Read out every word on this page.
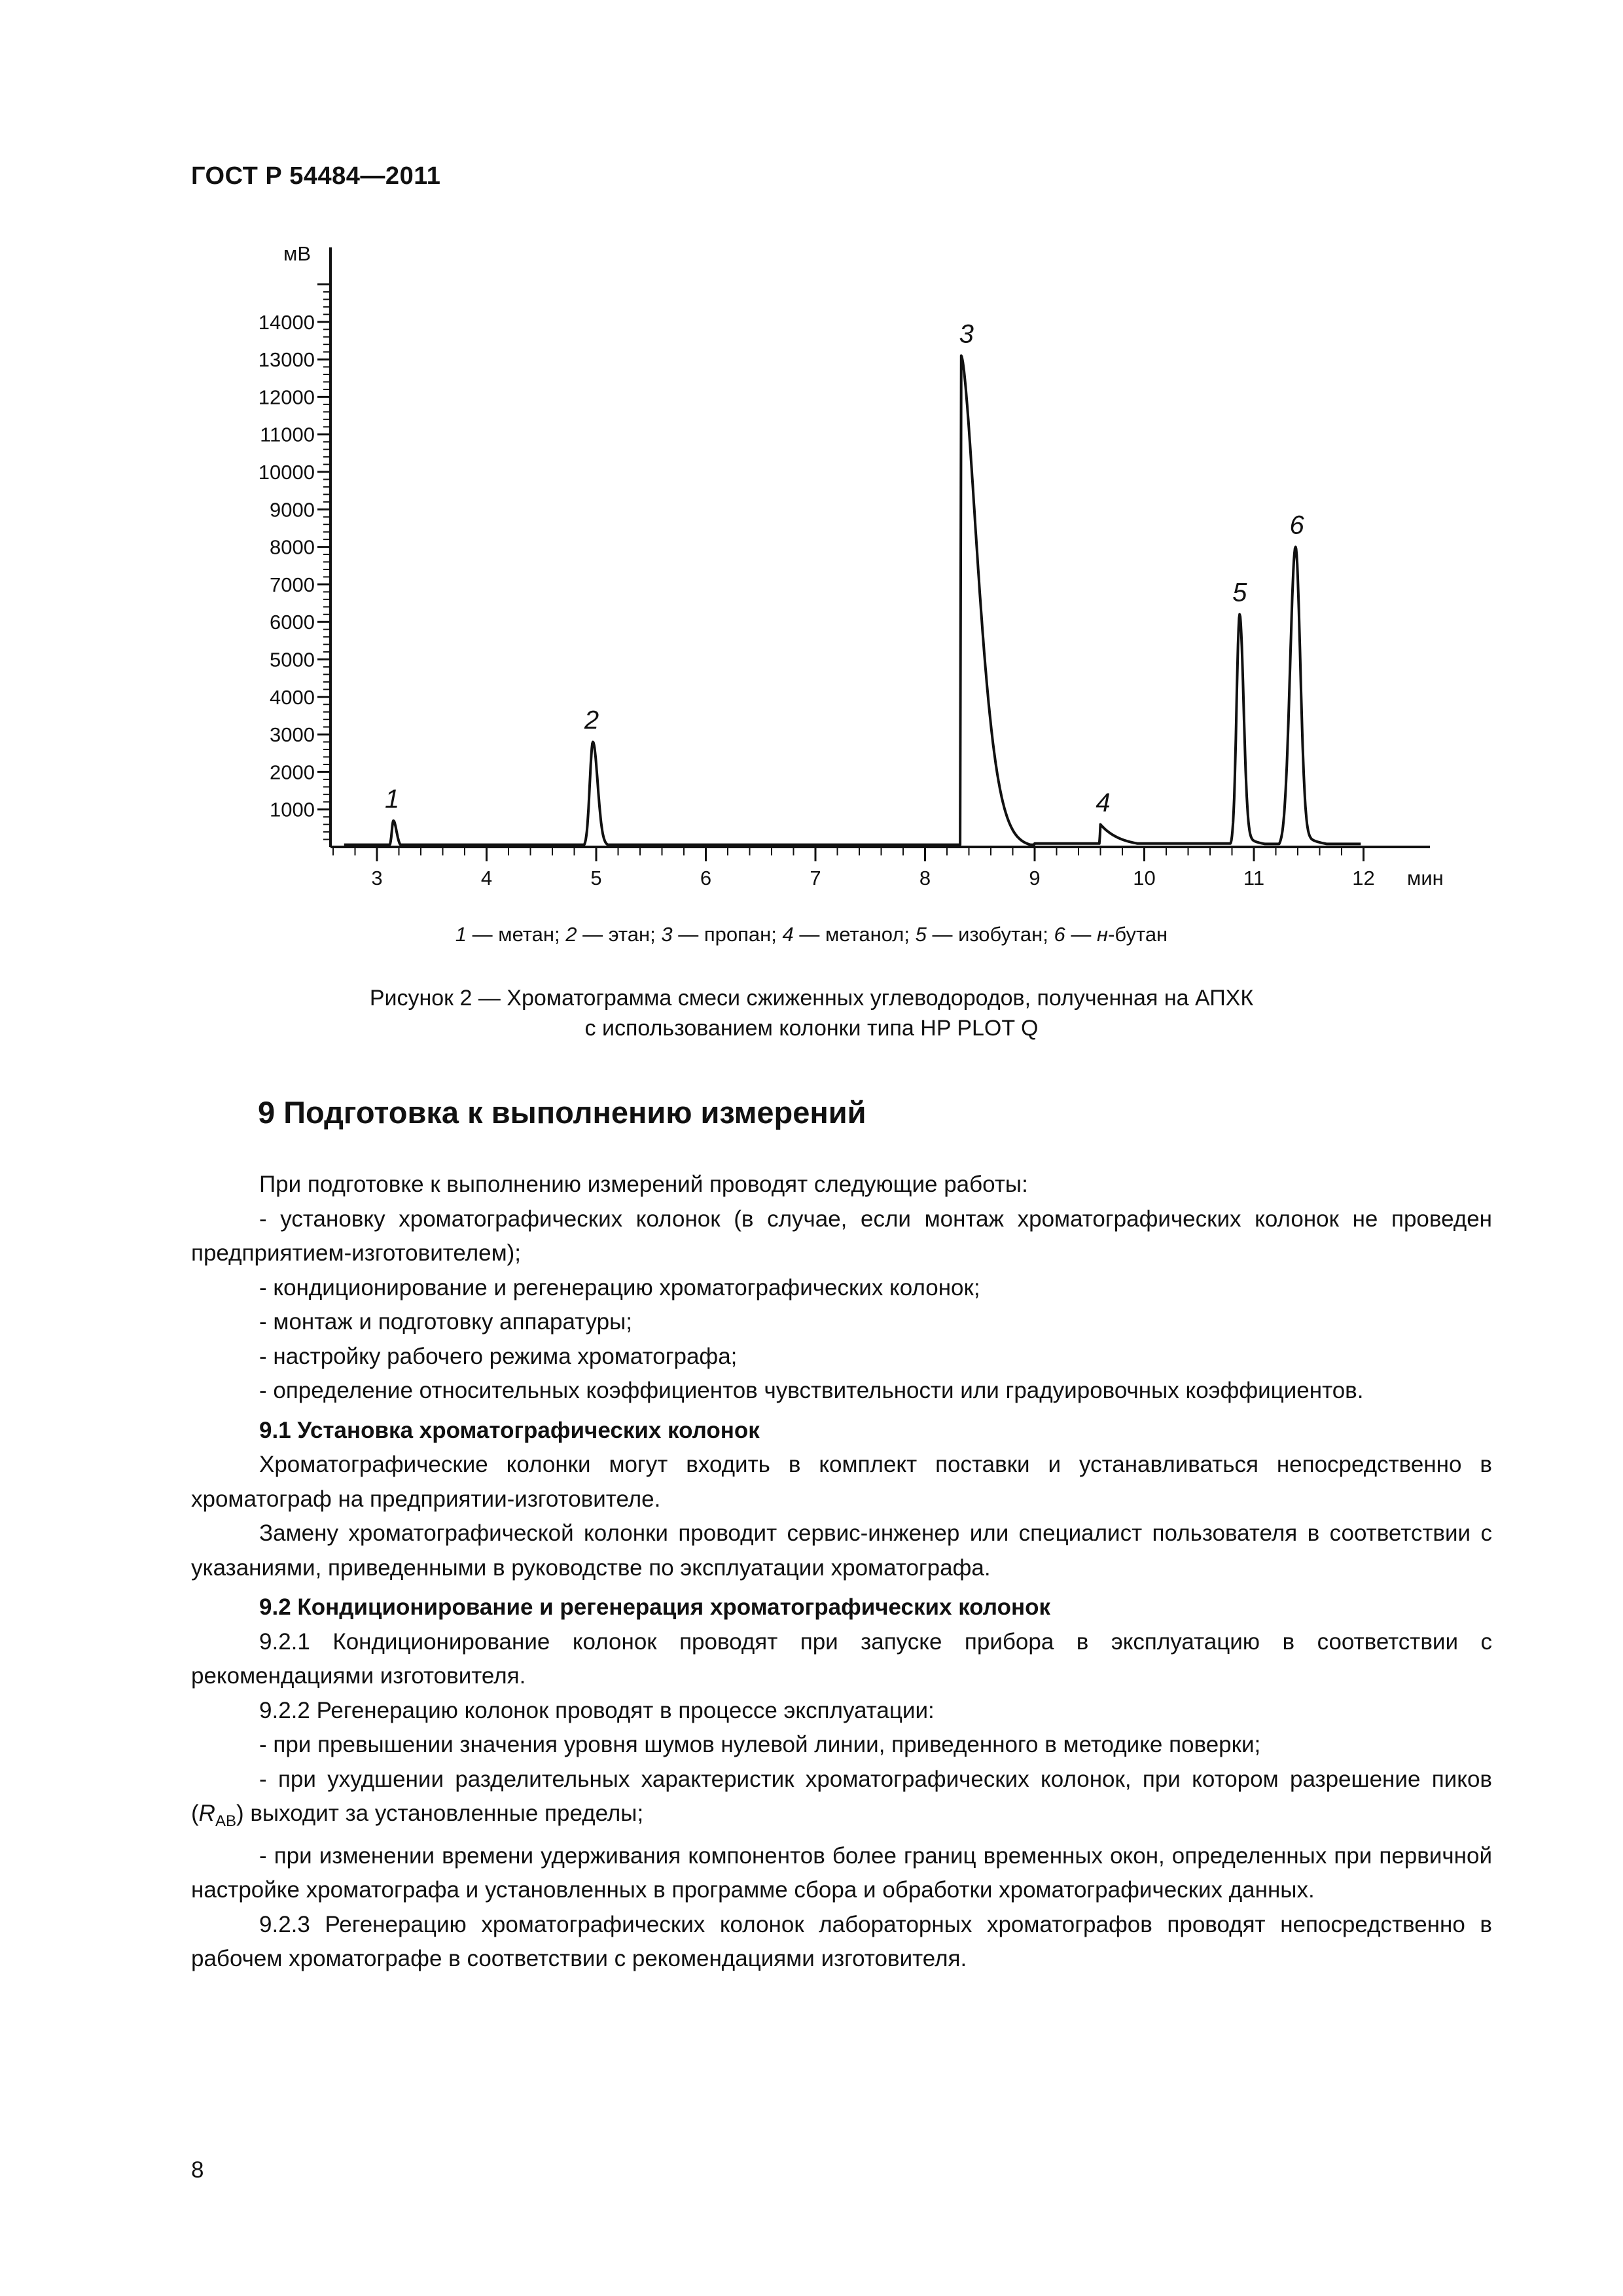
ГОСТ Р 54484—2011
1000
2000
3000
4000
5000
6000
7000
8000
9000
10000
11000
12000
13000
14000
мВ
3	4	5	6	7	8	9	10	11	12 мин
1
2
3
4
5
6
1 — метан; 2 — этан; 3 — пропан; 4 — метанол; 5 — изобутан; 6 — н-бутан
Рисунок 2 — Хроматограмма смеси сжиженных углеводородов, полученная на АПХК
с использованием колонки типа HP PLOT Q
9 Подготовка к выполнению измерений

При подготовке к выполнению измерений проводят следующие работы:

- установку хроматографических колонок (в случае, если монтаж хроматографических колонок не проведен предприятием-изготовителем);

- кондиционирование и регенерацию хроматографических колонок;

- монтаж и подготовку аппаратуры;

- настройку рабочего режима хроматографа;

- определение относительных коэффициентов чувствительности или градуировочных коэффициентов.

9.1 Установка хроматографических колонок

Хроматографические колонки могут входить в комплект поставки и устанавливаться непосредственно в хроматограф на предприятии-изготовителе.

Замену хроматографической колонки проводит сервис-инженер или специалист пользователя в соответствии с указаниями, приведенными в руководстве по эксплуатации хроматографа.

9.2 Кондиционирование и регенерация хроматографических колонок

9.2.1 Кондиционирование колонок проводят при запуске прибора в эксплуатацию в соответствии с рекомендациями изготовителя.

9.2.2 Регенерацию колонок проводят в процессе эксплуатации:

- при превышении значения уровня шумов нулевой линии, приведенного в методике поверки;

- при ухудшении разделительных характеристик хроматографических колонок, при котором разрешение пиков $(R_{AB})$ выходит за установленные пределы;

- при изменении времени удерживания компонентов более границ временных окон, определенных при первичной настройке хроматографа и установленных в программе сбора и обработки хроматографических данных.

9.2.3 Регенерацию хроматографических колонок лабораторных хроматографов проводят непосредственно в рабочем хроматографе в соответствии с рекомендациями изготовителя.

8
